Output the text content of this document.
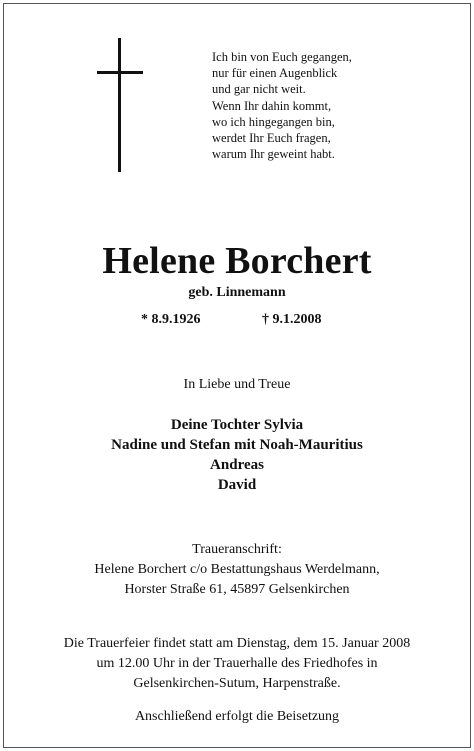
Ich bin von Euch gegangen,
nur für einen Augenblick
und gar nicht weit.
Wenn Ihr dahin kommt,
wo ich hingegangen bin,
werdet Ihr Euch fragen,
warum Ihr geweint habt.
Helene Borchert
geb. Linnemann
* 8.9.1926	† 9.1.2008
In Liebe und Treue
Deine Tochter Sylvia
Nadine und Stefan mit Noah-Mauritius
Andreas
David
Traueranschrift:
Helene Borchert c/o Bestattungshaus Werdelmann,
Horster Straße 61, 45897 Gelsenkirchen
Die Trauerfeier findet statt am Dienstag, dem 15. Januar 2008
um 12.00 Uhr in der Trauerhalle des Friedhofes in
Gelsenkirchen-Sutum, Harpenstraße.
Anschließend erfolgt die Beisetzung
